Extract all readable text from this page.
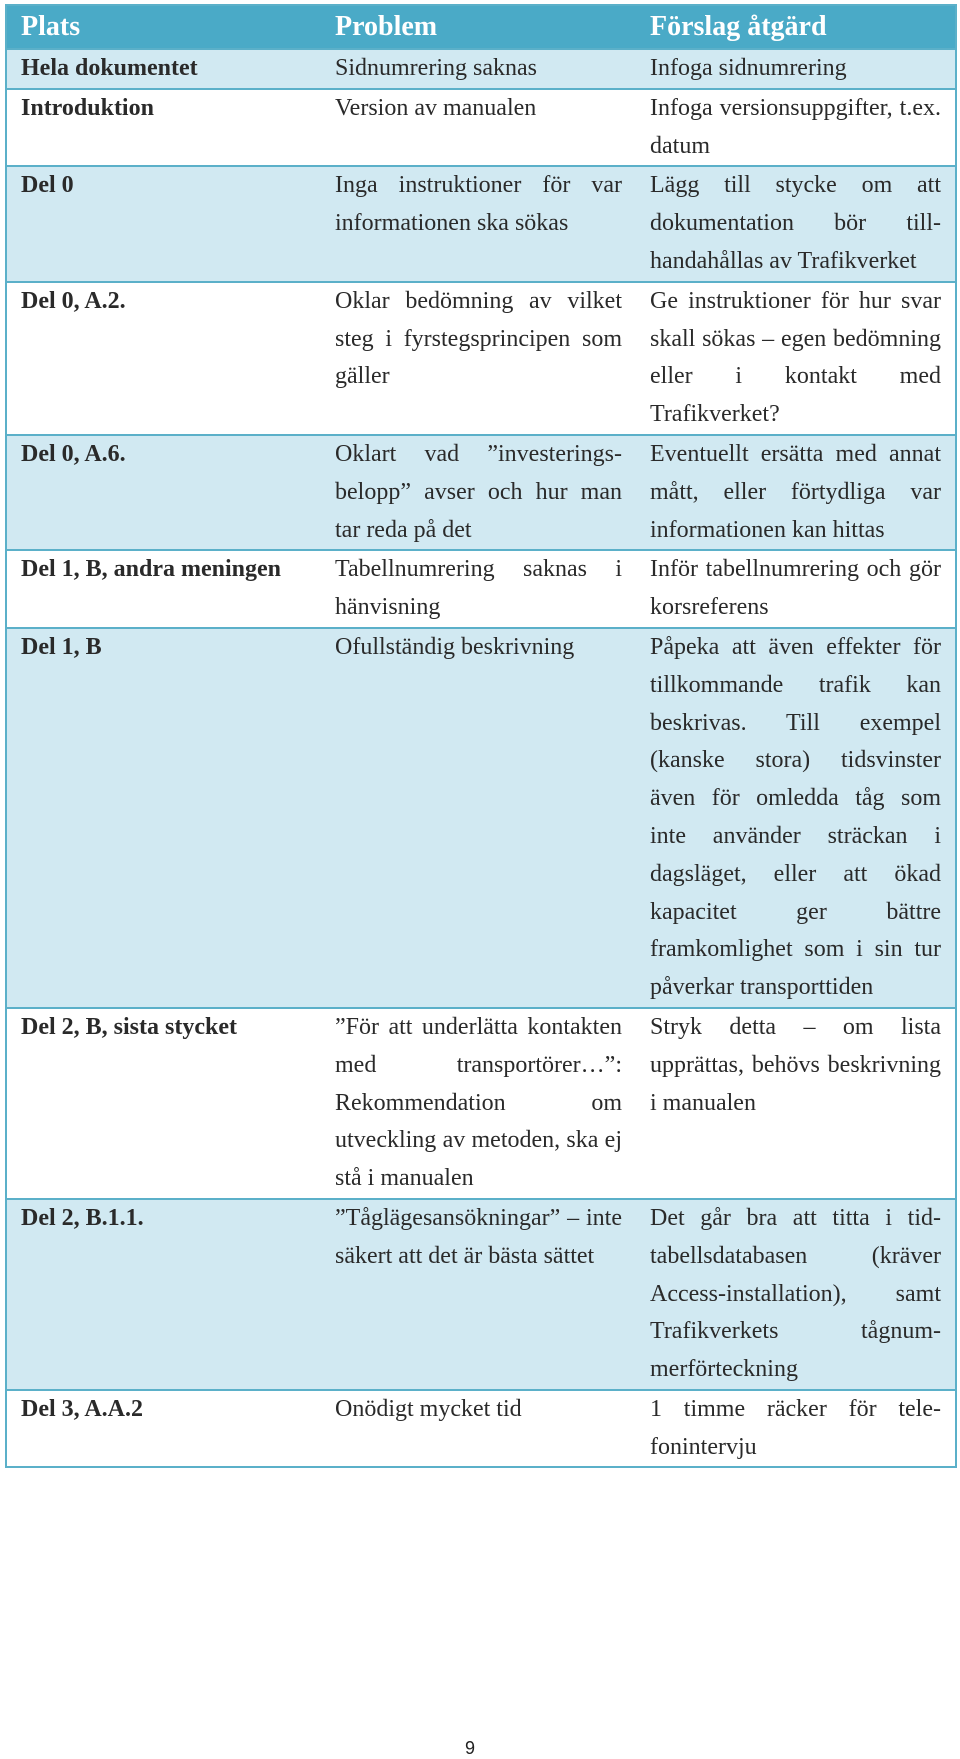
Plats	Problem	Förslag åtgärd
Hela dokumentet	Sidnumrering saknas	Infoga sidnumrering
Introduktion	Version av manualen	Infoga versionsuppgifter, t.ex. datum
Del 0	Inga instruktioner för var informationen ska sökas	Lägg till stycke om att dokumentation bör tillhandahållas av Trafikverket
Del 0, A.2.	Oklar bedömning av vilket steg i fyrstegsprincipen som gäller	Ge instruktioner för hur svar skall sökas – egen bedömning eller i kontakt med Trafikverket?
Del 0, A.6.	Oklart vad ”investeringsbelopp” avser och hur man tar reda på det	Eventuellt ersätta med annat mått, eller förtydliga var informationen kan hittas
Del 1, B, andra meningen	Tabellnumrering saknas i hänvisning	Inför tabellnumrering och gör korsreferens
Del 1, B	Ofullständig beskrivning	Påpeka att även effekter för tillkommande trafik kan beskrivas. Till exempel (kanske stora) tidsvinster även för omledda tåg som inte använder sträckan i dagsläget, eller att ökad kapacitet ger bättre framkomlighet som i sin tur påverkar transporttiden
Del 2, B, sista stycket	”För att underlätta kontakten med transportörer…”: Rekommendation om utveckling av metoden, ska ej stå i manualen	Stryk detta – om lista upprättas, behövs beskrivning i manualen
Del 2, B.1.1.	”Tåglägesansökningar” – inte säkert att det är bästa sättet	Det går bra att titta i tidtabellsdatabasen (kräver Access-installation), samt Trafikverkets tågnummerförteckning
Del 3, A.A.2	Onödigt mycket tid	1 timme räcker för telefonintervju
9
